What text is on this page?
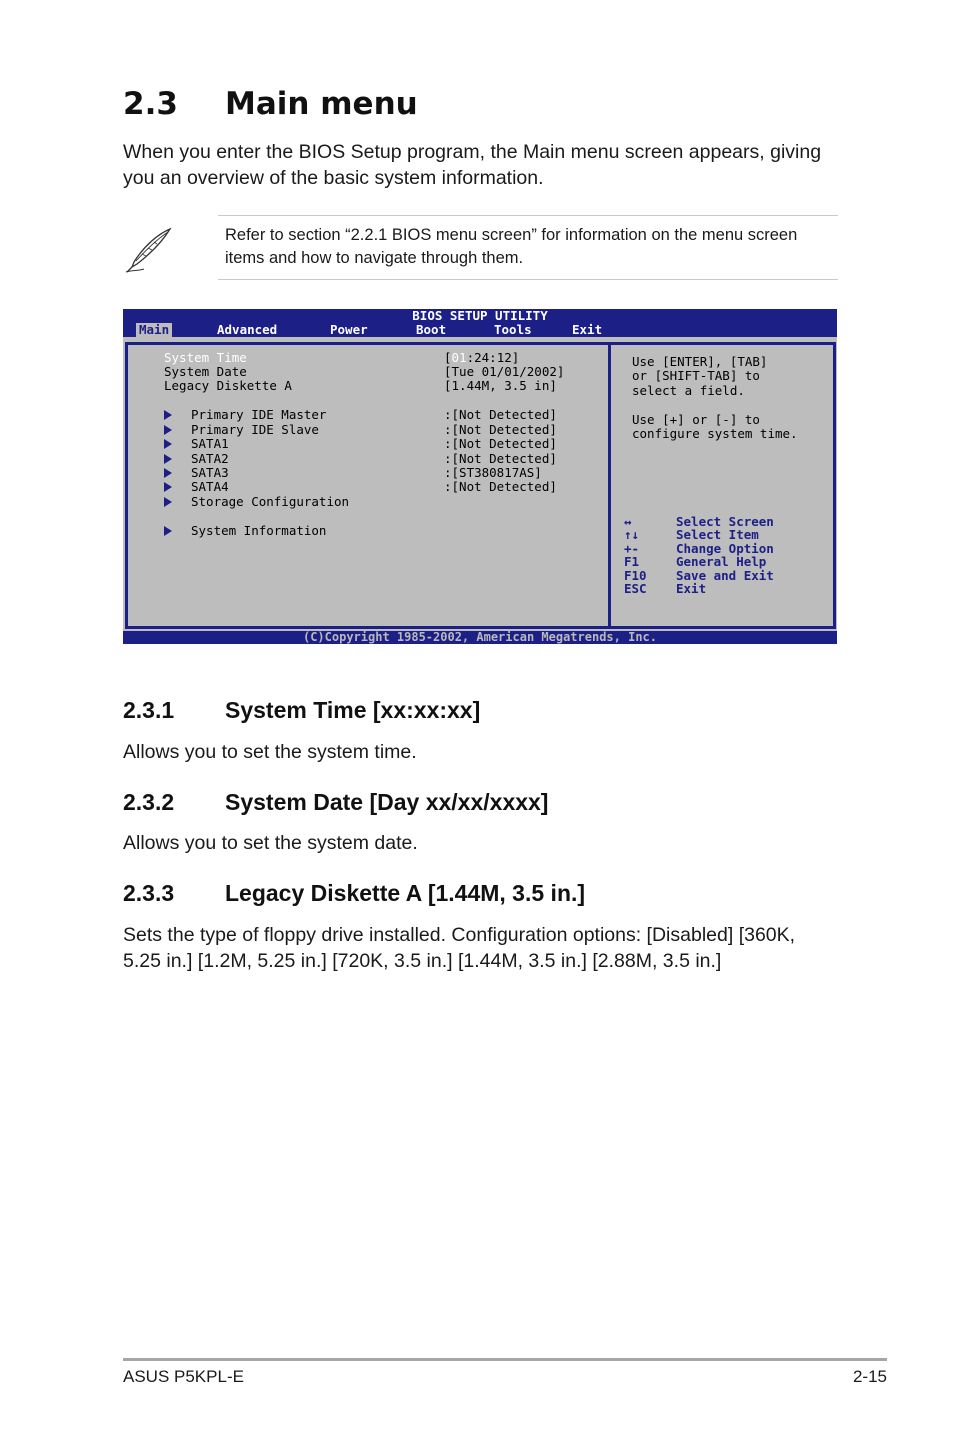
2.3 Main menu

When you enter the BIOS Setup program, the Main menu screen appears, giving you an overview of the basic system information.

Refer to section “2.2.1 BIOS menu screen” for information on the menu screen items and how to navigate through them.

BIOS SETUP UTILITY
Main	Advanced	Power	Boot	Tools	Exit
System Time	[01:24:12]
System Date	[Tue 01/01/2002]
Legacy Diskette A	[1.44M, 3.5 in]
Primary IDE Master	:[Not Detected]
Primary IDE Slave	:[Not Detected]
SATA1	:[Not Detected]
SATA2	:[Not Detected]
SATA3	:[ST380817AS]
SATA4	:[Not Detected]
Storage Configuration
System Information
Use [ENTER], [TAB]
or [SHIFT-TAB] to
select a field.
Use [+] or [-] to
configure system time.
↔	Select Screen
↑↓	Select Item
+-	Change Option
F1	General Help
F10 Save and Exit
ESC Exit
(C)Copyright 1985-2002, American Megatrends, Inc.
2.3.1 System Time [xx:xx:xx]

Allows you to set the system time.

2.3.2 System Date [Day xx/xx/xxxx]

Allows you to set the system date.

2.3.3 Legacy Diskette A [1.44M, 3.5 in.]

Sets the type of floppy drive installed. Configuration options: [Disabled] [360K, 5.25 in.] [1.2M, 5.25 in.] [720K, 3.5 in.] [1.44M, 3.5 in.] [2.88M, 3.5 in.]

ASUS P5KPL-E	2-15
